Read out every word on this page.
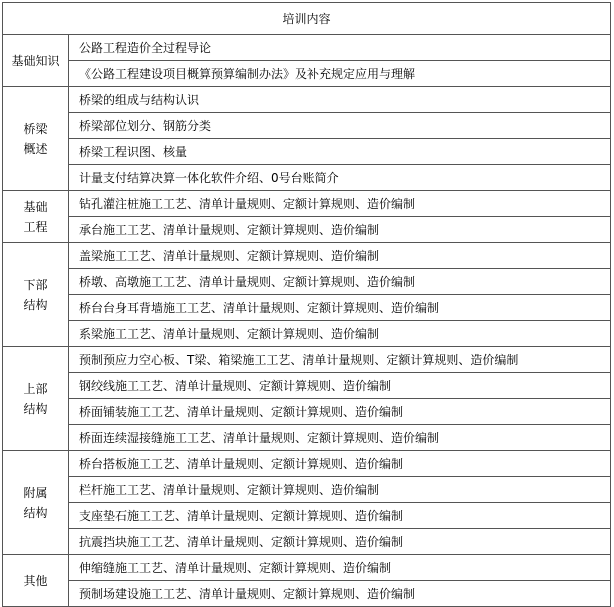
培训内容	
基础知识	公路工程造价全过程导论
	《公路工程建设项目概算预算编制办法》及补充规定应用与理解
桥梁
概述	桥梁的组成与结构认识
	桥梁部位划分、钢筋分类
	桥梁工程识图、核量
	计量支付结算决算一体化软件介绍、0号台账简介
基础
工程	钻孔灌注桩施工工艺、清单计量规则、定额计算规则、造价编制
	承台施工工艺、清单计量规则、定额计算规则、造价编制
下部
结构	盖梁施工工艺、清单计量规则、定额计算规则、造价编制
	桥墩、高墩施工工艺、清单计量规则、定额计算规则、造价编制
	桥台台身耳背墙施工工艺、清单计量规则、定额计算规则、造价编制
	系梁施工工艺、清单计量规则、定额计算规则、造价编制
上部
结构	预制预应力空心板、T梁、箱梁施工工艺、清单计量规则、定额计算规则、造价编制
	钢绞线施工工艺、清单计量规则、定额计算规则、造价编制
	桥面铺装施工工艺、清单计量规则、定额计算规则、造价编制
	桥面连续湿接缝施工工艺、清单计量规则、定额计算规则、造价编制
附属
结构	桥台搭板施工工艺、清单计量规则、定额计算规则、造价编制
	栏杆施工工艺、清单计量规则、定额计算规则、造价编制
	支座垫石施工工艺、清单计量规则、定额计算规则、造价编制
	抗震挡块施工工艺、清单计量规则、定额计算规则、造价编制
其他	伸缩缝施工工艺、清单计量规则、定额计算规则、造价编制
	预制场建设施工工艺、清单计量规则、定额计算规则、造价编制
